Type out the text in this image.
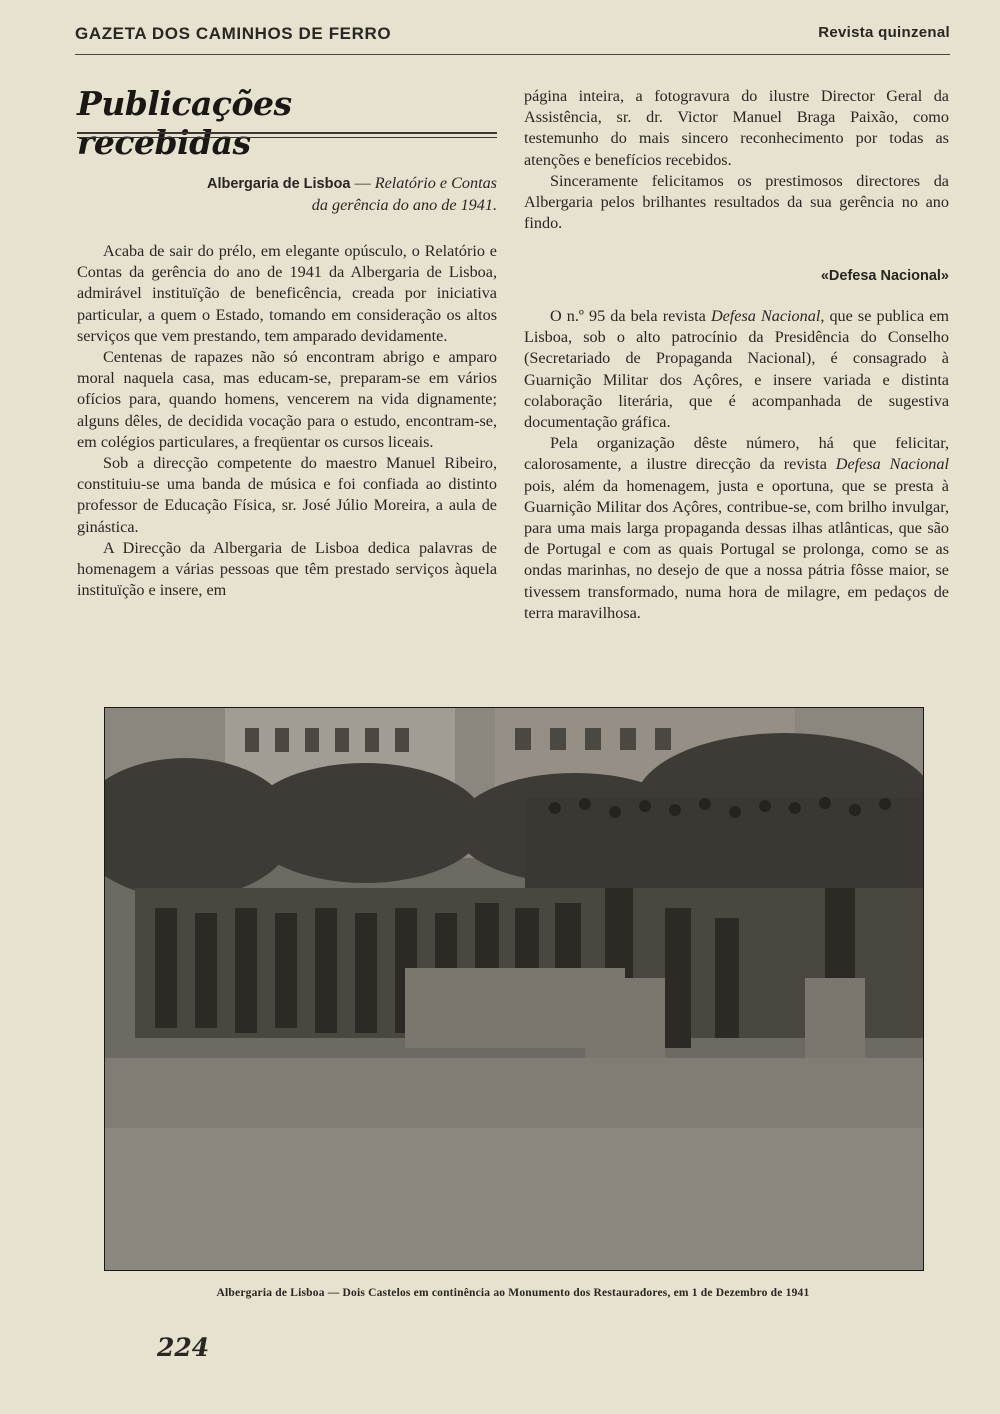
GAZETA DOS CAMINHOS DE FERRO	Revista quinzenal
Publicações recebidas
Albergaria de Lisboa — Relatório e Contas
da gerência do ano de 1941.

Acaba de sair do prélo, em elegante opúsculo, o Relatório e Contas da gerência do ano de 1941 da Albergaria de Lisboa, admirável instituïção de beneficência, creada por iniciativa particular, a quem o Estado, tomando em consideração os altos serviços que vem prestando, tem amparado devidamente.

Centenas de rapazes não só encontram abrigo e amparo moral naquela casa, mas educam-se, preparam-se em vários ofícios para, quando homens, vencerem na vida dignamente; alguns dêles, de decidida vocação para o estudo, encontram-se, em colégios particulares, a freqüentar os cursos liceais.

Sob a direcção competente do maestro Manuel Ribeiro, constituiu-se uma banda de música e foi confiada ao distinto professor de Educação Física, sr. José Júlio Moreira, a aula de ginástica.

A Direcção da Albergaria de Lisboa dedica palavras de homenagem a várias pessoas que têm prestado serviços àquela instituïção e insere, em

página inteira, a fotogravura do ilustre Director Geral da Assistência, sr. dr. Victor Manuel Braga Paixão, como testemunho do mais sincero reconhecimento por todas as atenções e benefícios recebidos.

Sinceramente felicitamos os prestimosos directores da Albergaria pelos brilhantes resultados da sua gerência no ano findo.

«Defesa Nacional»

O n.º 95 da bela revista Defesa Nacional, que se publica em Lisboa, sob o alto patrocínio da Presidência do Conselho (Secretariado de Propaganda Nacional), é consagrado à Guarnição Militar dos Açôres, e insere variada e distinta colaboração literária, que é acompanhada de sugestiva documentação gráfica.

Pela organização dêste número, há que felicitar, calorosamente, a ilustre direcção da revista Defesa Nacional pois, além da homenagem, justa e oportuna, que se presta à Guarnição Militar dos Açôres, contribue-se, com brilho invulgar, para uma mais larga propaganda dessas ilhas atlânticas, que são de Portugal e com as quais Portugal se prolonga, como se as ondas marinhas, no desejo de que a nossa pátria fôsse maior, se tivessem transformado, numa hora de milagre, em pedaços de terra maravilhosa.

Albergaria de Lisboa — Dois Castelos em continência ao Monumento dos Restauradores, em 1 de Dezembro de 1941
224
